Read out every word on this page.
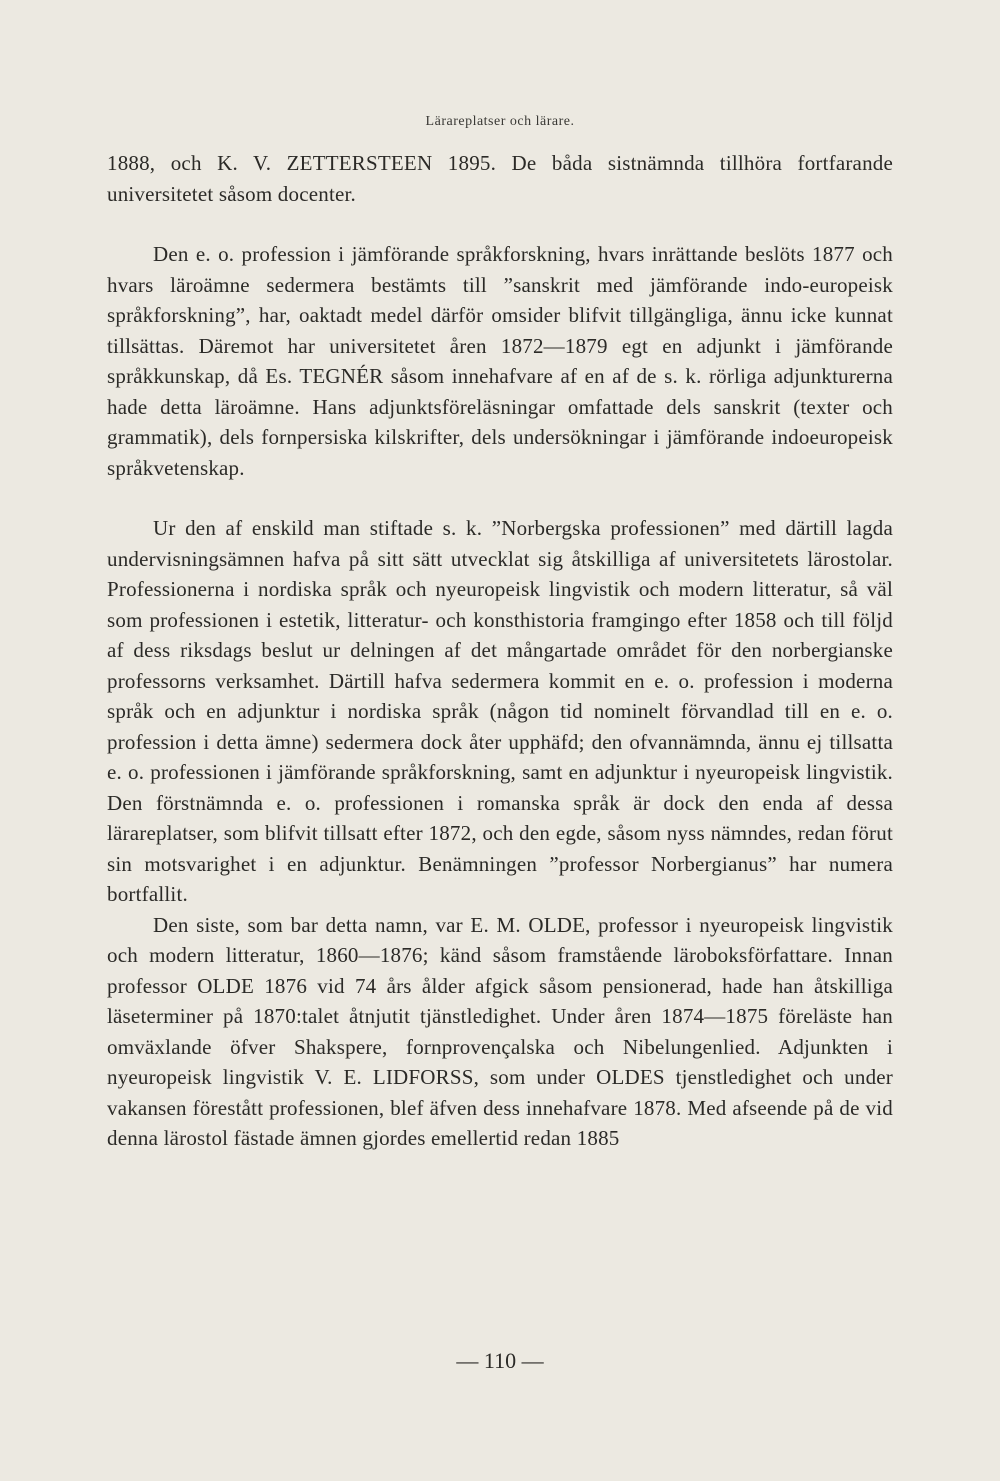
Lärareplatser och lärare.

1888, och K. V. ZETTERSTEEN 1895. De båda sistnämnda tillhöra fortfarande universitetet såsom docenter.

Den e. o. profession i jämförande språkforskning, hvars inrättande beslöts 1877 och hvars läroämne sedermera bestämts till ”sanskrit med jämförande indo-europeisk språkforskning”, har, oaktadt medel därför omsider blifvit tillgängliga, ännu icke kunnat tillsättas. Däremot har universitetet åren 1872—1879 egt en adjunkt i jämförande språkkunskap, då Es. TEGNÉR såsom innehafvare af en af de s. k. rörliga adjunkturerna hade detta läroämne. Hans adjunktsföreläsningar omfattade dels sanskrit (texter och grammatik), dels fornpersiska kilskrifter, dels undersökningar i jämförande indoeuropeisk språkvetenskap.

Ur den af enskild man stiftade s. k. ”Norbergska professionen” med därtill lagda undervisningsämnen hafva på sitt sätt utvecklat sig åtskilliga af universitetets lärostolar. Professionerna i nordiska språk och nyeuropeisk lingvistik och modern litteratur, så väl som professionen i estetik, litteratur- och konsthistoria framgingo efter 1858 och till följd af dess riksdags beslut ur delningen af det mångartade området för den norbergianske professorns verksamhet. Därtill hafva sedermera kommit en e. o. profession i moderna språk och en adjunktur i nordiska språk (någon tid nominelt förvandlad till en e. o. profession i detta ämne) sedermera dock åter upphäfd; den ofvannämnda, ännu ej tillsatta e. o. professionen i jämförande språkforskning, samt en adjunktur i nyeuropeisk lingvistik. Den förstnämnda e. o. professionen i romanska språk är dock den enda af dessa lärareplatser, som blifvit tillsatt efter 1872, och den egde, såsom nyss nämndes, redan förut sin motsvarighet i en adjunktur. Benämningen ”professor Norbergianus” har numera bortfallit.

Den siste, som bar detta namn, var E. M. OLDE, professor i nyeuropeisk lingvistik och modern litteratur, 1860—1876; känd såsom framstående läroboksförfattare. Innan professor OLDE 1876 vid 74 års ålder afgick såsom pensionerad, hade han åtskilliga läseterminer på 1870:talet åtnjutit tjänstledighet. Under åren 1874—1875 föreläste han omväxlande öfver Shakspere, fornprovençalska och Nibelungenlied. Adjunkten i nyeuropeisk lingvistik V. E. LIDFORSS, som under OLDES tjenstledighet och under vakansen förestått professionen, blef äfven dess innehafvare 1878. Med afseende på de vid denna lärostol fästade ämnen gjordes emellertid redan 1885

— 110 —
